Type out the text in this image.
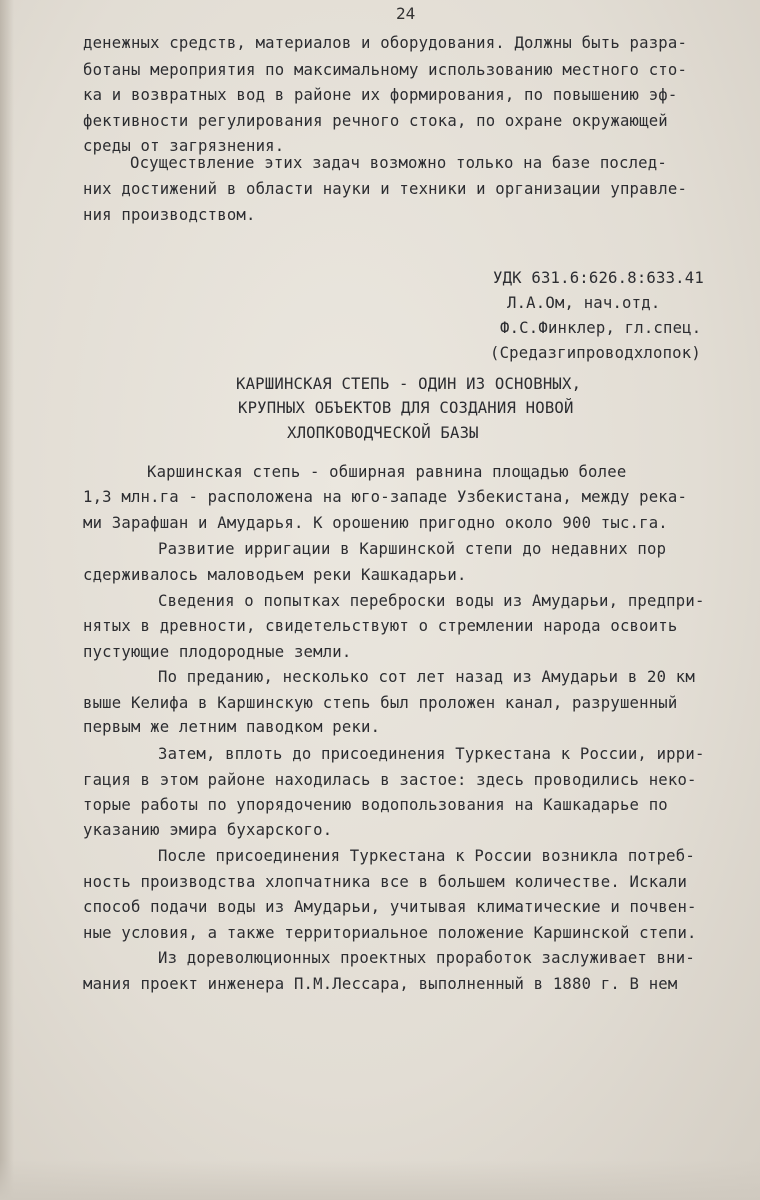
24
денежных средств, материалов и оборудования. Должны быть разра-
ботаны мероприятия по максимальному использованию местного сто-
ка и возвратных вод в районе их формирования, по повышению эф-
фективности регулирования речного стока, по охране окружающей
среды от загрязнения.
Осуществление этих задач возможно только на базе послед-
них достижений в области науки и техники и организации управле-
ния производством.
УДК 631.6:626.8:633.41
Л.А.Ом, нач.отд.
Ф.С.Финклер, гл.спец.
(Средазгипроводхлопок)
КАРШИНСКАЯ СТЕПЬ - ОДИН ИЗ ОСНОВНЫХ,
КРУПНЫХ ОБЪЕКТОВ ДЛЯ СОЗДАНИЯ НОВОЙ
ХЛОПКОВОДЧЕСКОЙ БАЗЫ
Каршинская степь - обширная равнина площадью более
1,3 млн.га - расположена на юго-западе Узбекистана, между река-
ми Зарафшан и Амударья. К орошению пригодно около 900 тыс.га.
Развитие ирригации в Каршинской степи до недавних пор
сдерживалось маловодьем реки Кашкадарьи.
Сведения о попытках переброски воды из Амударьи, предпри-
нятых в древности, свидетельствуют о стремлении народа освоить
пустующие плодородные земли.
По преданию, несколько сот лет назад из Амударьи в 20 км
выше Келифа в Каршинскую степь был проложен канал, разрушенный
первым же летним паводком реки.
Затем, вплоть до присоединения Туркестана к России, ирри-
гация в этом районе находилась в застое: здесь проводились неко-
торые работы по упорядочению водопользования на Кашкадарье по
указанию эмира бухарского.
После присоединения Туркестана к России возникла потреб-
ность производства хлопчатника все в большем количестве. Искали
способ подачи воды из Амударьи, учитывая климатические и почвен-
ные условия, а также территориальное положение Каршинской степи.
Из дореволюционных проектных проработок заслуживает вни-
мания проект инженера П.М.Лессара, выполненный в 1880 г. В нем
